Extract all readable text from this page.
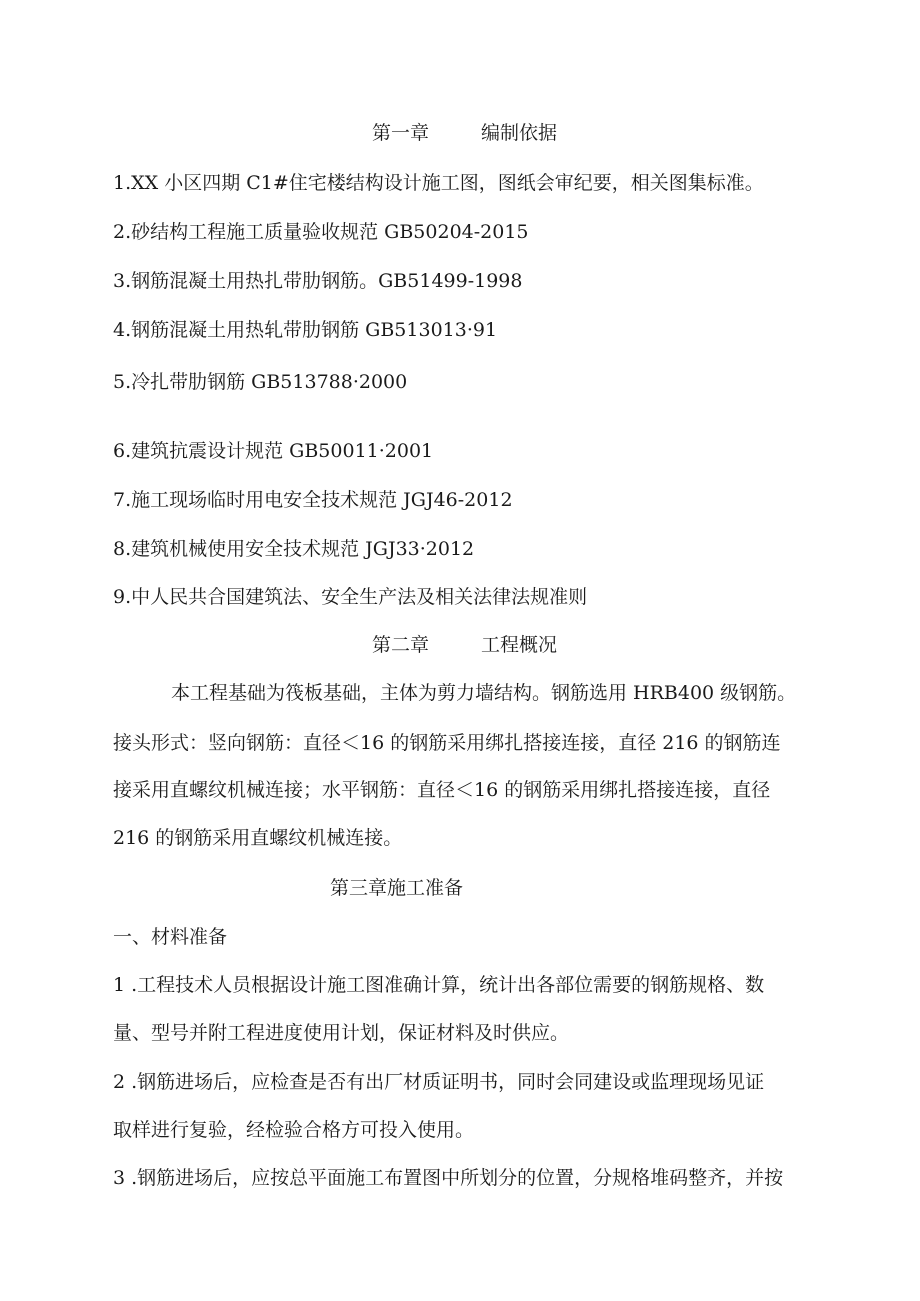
第一章	编制依据
1.XX 小区四期 C1#住宅楼结构设计施工图，图纸会审纪要，相关图集标准。
2.砂结构工程施工质量验收规范 GB50204-2015
3.钢筋混凝土用热扎带肋钢筋。GB51499-1998
4.钢筋混凝土用热轧带肋钢筋 GB513013·91
5.冷扎带肋钢筋 GB513788·2000
6.建筑抗震设计规范 GB50011·2001
7.施工现场临时用电安全技术规范 JGJ46-2012
8.建筑机械使用安全技术规范 JGJ33·2012
9.中人民共合国建筑法、安全生产法及相关法律法规准则
第二章	工程概况
本工程基础为筏板基础，主体为剪力墙结构。钢筋选用 HRB400 级钢筋。
接头形式：竖向钢筋：直径＜16 的钢筋采用绑扎搭接连接，直径 216 的钢筋连
接采用直螺纹机械连接；水平钢筋：直径＜16 的钢筋采用绑扎搭接连接，直径
216 的钢筋采用直螺纹机械连接。
第三章施工准备
一、材料准备
1 .工程技术人员根据设计施工图准确计算，统计出各部位需要的钢筋规格、数
量、型号并附工程进度使用计划，保证材料及时供应。
2 .钢筋进场后，应检查是否有出厂材质证明书，同时会同建设或监理现场见证
取样进行复验，经检验合格方可投入使用。
3 .钢筋进场后，应按总平面施工布置图中所划分的位置，分规格堆码整齐，并按
